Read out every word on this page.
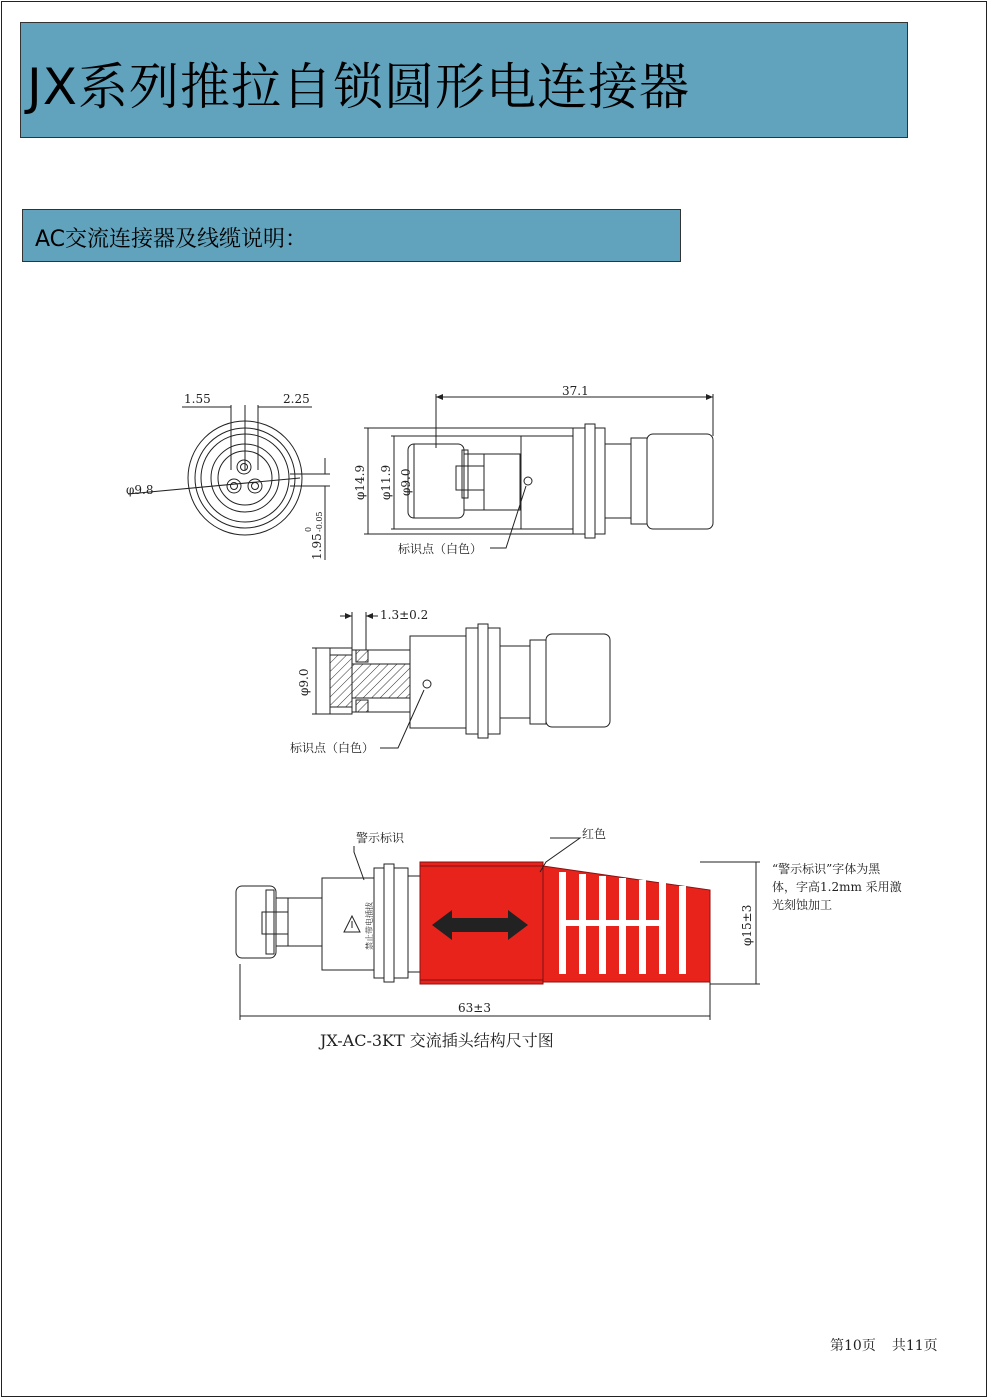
JX系列推拉自锁圆形电连接器
AC交流连接器及线缆说明：
1.55	2.25
φ9.8
1.95
0 -0.05
37.1
φ14.9 φ11.9 φ9.0
标识点（白色）
1.3±0.2
φ9.0
标识点（白色）
警示标识	红色
禁止带电插拔
“警示标识”字体为黑
体，字高1.2mm 采用激
光刻蚀加工
φ15±3
63±3
JX-AC-3KT 交流插头结构尺寸图
第10页 共11页
